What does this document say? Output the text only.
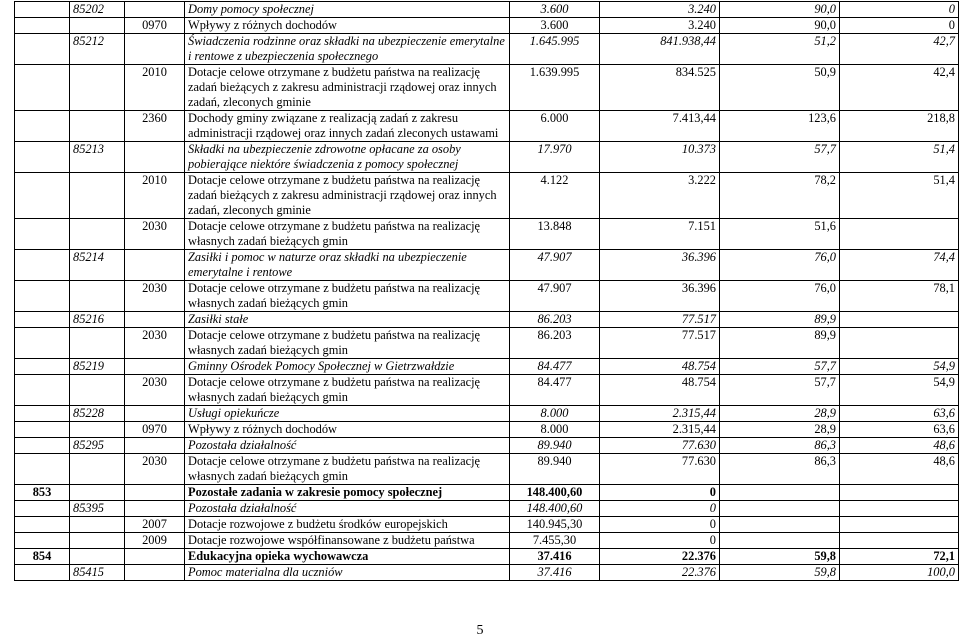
	85202		Domy pomocy społecznej	3.600	3.240	90,0	0
		0970	Wpływy z różnych dochodów	3.600	3.240	90,0	0
	85212		Świadczenia rodzinne oraz składki na ubezpieczenie emerytalne i rentowe z ubezpieczenia społecznego	1.645.995	841.938,44	51,2	42,7
		2010	Dotacje celowe otrzymane z budżetu państwa na realizację zadań bieżących z zakresu administracji rządowej oraz innych zadań, zleconych gminie	1.639.995	834.525	50,9	42,4
		2360	Dochody gminy związane z realizacją zadań z zakresu administracji rządowej oraz innych zadań zleconych ustawami	6.000	7.413,44	123,6	218,8
	85213		Składki na ubezpieczenie zdrowotne opłacane za osoby pobierające niektóre świadczenia z pomocy społecznej	17.970	10.373	57,7	51,4
		2010	Dotacje celowe otrzymane z budżetu państwa na realizację zadań bieżących z zakresu administracji rządowej oraz innych zadań, zleconych gminie	4.122	3.222	78,2	51,4
		2030	Dotacje celowe otrzymane z budżetu państwa na realizację własnych zadań bieżących gmin	13.848	7.151	51,6	
	85214		Zasiłki i pomoc w naturze oraz składki na ubezpieczenie emerytalne i rentowe	47.907	36.396	76,0	74,4
		2030	Dotacje celowe otrzymane z budżetu państwa na realizację własnych zadań bieżących gmin	47.907	36.396	76,0	78,1
	85216		Zasiłki stałe	86.203	77.517	89,9	
		2030	Dotacje celowe otrzymane z budżetu państwa na realizację własnych zadań bieżących gmin	86.203	77.517	89,9	
	85219		Gminny Ośrodek Pomocy Społecznej w Gietrzwałdzie	84.477	48.754	57,7	54,9
		2030	Dotacje celowe otrzymane z budżetu państwa na realizację własnych zadań bieżących gmin	84.477	48.754	57,7	54,9
	85228		Usługi opiekuńcze	8.000	2.315,44	28,9	63,6
		0970	Wpływy z różnych dochodów	8.000	2.315,44	28,9	63,6
	85295		Pozostała działalność	89.940	77.630	86,3	48,6
		2030	Dotacje celowe otrzymane z budżetu państwa na realizację własnych zadań bieżących gmin	89.940	77.630	86,3	48,6
853			Pozostałe zadania w zakresie pomocy społecznej	148.400,60	0		
	85395		Pozostała działalność	148.400,60	0		
		2007	Dotacje rozwojowe z budżetu środków europejskich	140.945,30	0		
		2009	Dotacje rozwojowe współfinansowane z budżetu państwa	7.455,30	0		
854			Edukacyjna opieka wychowawcza	37.416	22.376	59,8	72,1
	85415		Pomoc materialna dla uczniów	37.416	22.376	59,8	100,0
5
